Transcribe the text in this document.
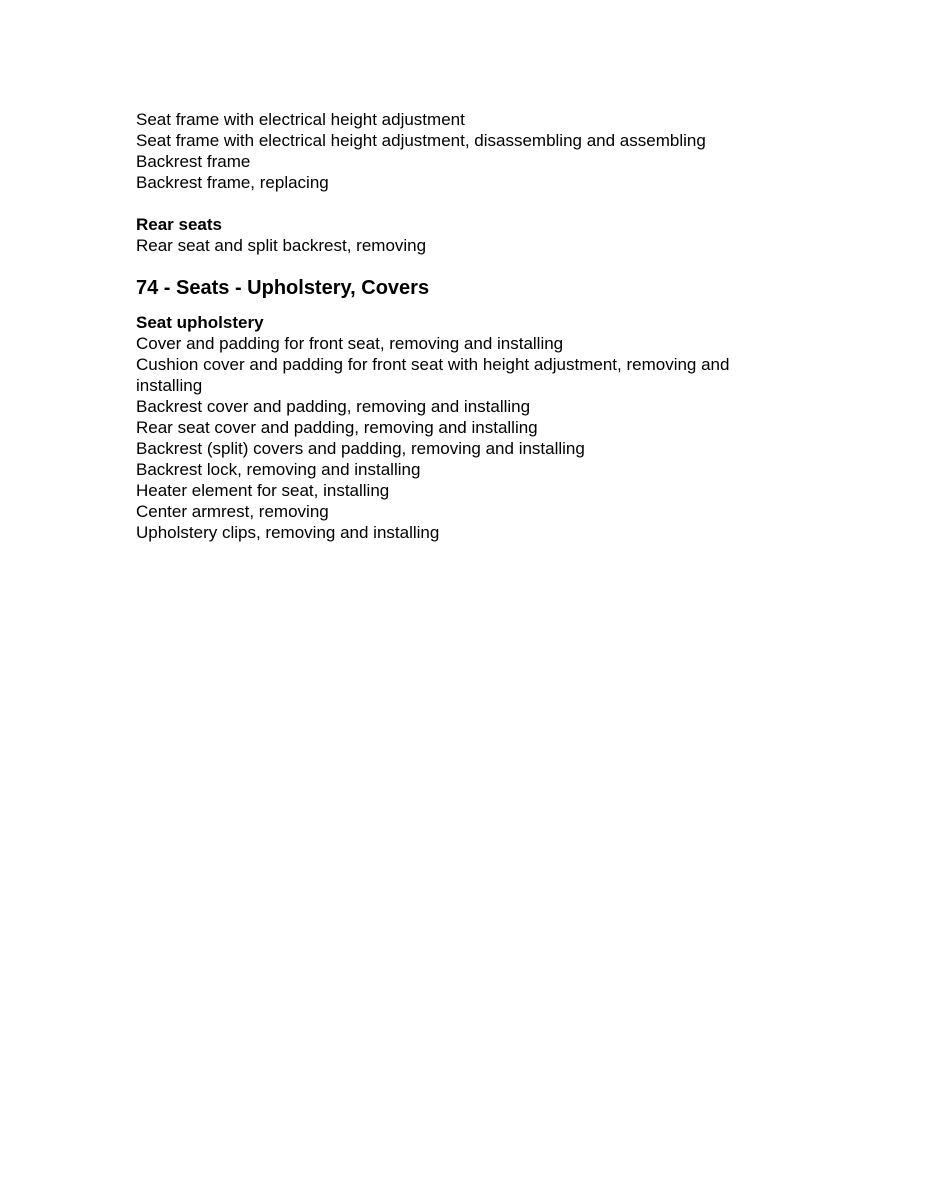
Seat frame with electrical height adjustment
Seat frame with electrical height adjustment, disassembling and assembling
Backrest frame
Backrest frame, replacing
Rear seats
Rear seat and split backrest, removing
74 - Seats - Upholstery, Covers
Seat upholstery
Cover and padding for front seat, removing and installing
Cushion cover and padding for front seat with height adjustment, removing and installing
Backrest cover and padding, removing and installing
Rear seat cover and padding, removing and installing
Backrest (split) covers and padding, removing and installing
Backrest lock, removing and installing
Heater element for seat, installing
Center armrest, removing
Upholstery clips, removing and installing
